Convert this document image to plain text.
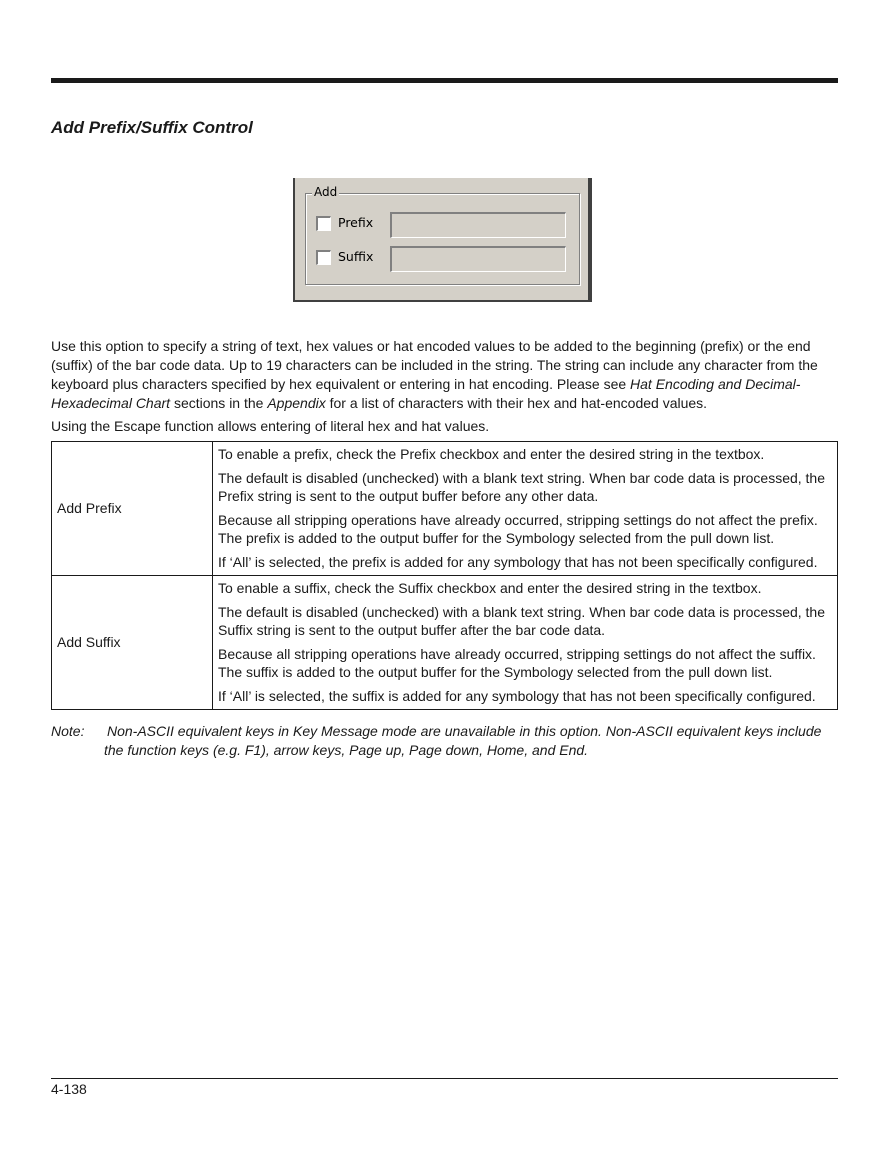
Add Prefix/Suffix Control
Add
Prefix
Suffix

Use this option to specify a string of text, hex values or hat encoded values to be added to the beginning (prefix) or the end (suffix) of the bar code data. Up to 19 characters can be included in the string. The string can include any character from the keyboard plus characters specified by hex equivalent or entering in hat encoding. Please see Hat Encoding and Decimal-Hexadecimal Chart sections in the Appendix for a list of characters with their hex and hat-encoded values.

Using the Escape function allows entering of literal hex and hat values.

Add Prefix	To enable a prefix, check the Prefix checkbox and enter the desired string in the textbox.

The default is disabled (unchecked) with a blank text string. When bar code data is processed, the Prefix string is sent to the output buffer before any other data.

Because all stripping operations have already occurred, stripping settings do not affect the prefix. The prefix is added to the output buffer for the Symbology selected from the pull down list.

If ‘All’ is selected, the prefix is added for any symbology that has not been specifically configured.

Add Suffix	To enable a suffix, check the Suffix checkbox and enter the desired string in the textbox.

The default is disabled (unchecked) with a blank text string. When bar code data is processed, the Suffix string is sent to the output buffer after the bar code data.

Because all stripping operations have already occurred, stripping settings do not affect the suffix. The suffix is added to the output buffer for the Symbology selected from the pull down list.

If ‘All’ is selected, the suffix is added for any symbology that has not been specifically configured.

Note: Non-ASCII equivalent keys in Key Message mode are unavailable in this option. Non-ASCII equivalent keys include
the function keys (e.g. F1), arrow keys, Page up, Page down, Home, and End.
4-138
